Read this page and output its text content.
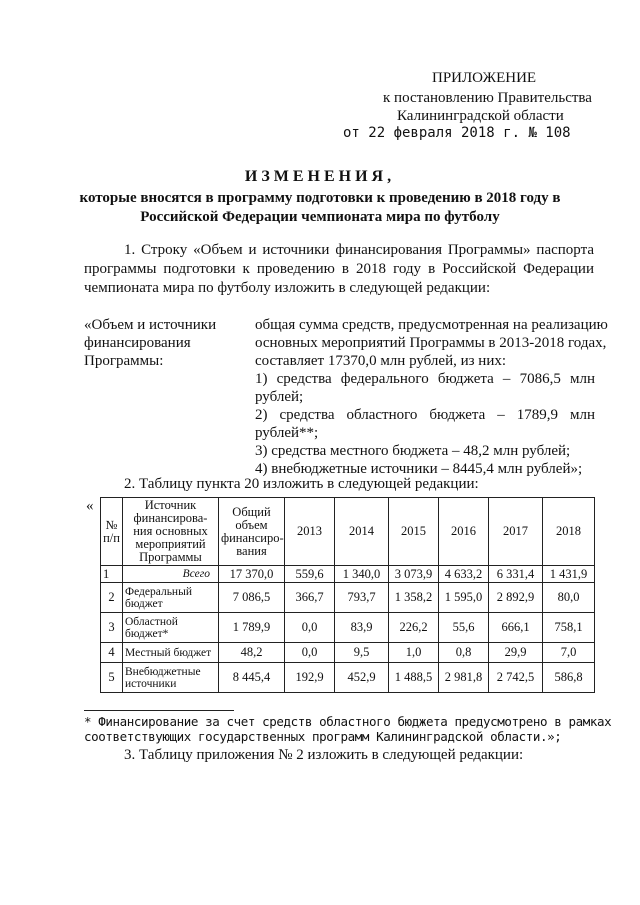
ПРИЛОЖЕНИЕ
к постановлению Правительства
Калининградской области
от 22 февраля 2018 г. № 108
ИЗМЕНЕНИЯ,
которые вносятся в программу подготовки к проведению в 2018 году в
Российской Федерации чемпионата мира по футболу
1. Строку «Объем и источники финансирования Программы» паспорта программы подготовки к проведению в 2018 году в Российской Федерации чемпионата мира по футболу изложить в следующей редакции:
«Объем и источники
финансирования
Программы:
общая сумма средств, предусмотренная на реализацию
основных мероприятий Программы в 2013-2018 годах,
составляет 17370,0 млн рублей, из них:
1) средства федерального бюджета – 7086,5 млн
рублей;
2) средства областного бюджета – 1789,9 млн
рублей**;
3) средства местного бюджета – 48,2 млн рублей;
4) внебюджетные источники – 8445,4 млн рублей»;
2. Таблицу пункта 20 изложить в следующей редакции:
«
№ п/п	Источник финансирова-ния основных мероприятий Программы	Общий объем финансиро-вания	2013	2014	2015	2016	2017	2018
1	Всего	17 370,0	559,6	1 340,0	3 073,9	4 633,2	6 331,4	1 431,9
2	Федеральный бюджет	7 086,5	366,7	793,7	1 358,2	1 595,0	2 892,9	80,0
3	Областной бюджет*	1 789,9	0,0	83,9	226,2	55,6	666,1	758,1
4	Местный бюджет	48,2	0,0	9,5	1,0	0,8	29,9	7,0
5	Внебюджетные источники	8 445,4	192,9	452,9	1 488,5	2 981,8	2 742,5	586,8
* Финансирование за счет средств областного бюджета предусмотрено в рамках
соответствующих государственных программ Калининградской области.»;
3. Таблицу приложения № 2 изложить в следующей редакции:
